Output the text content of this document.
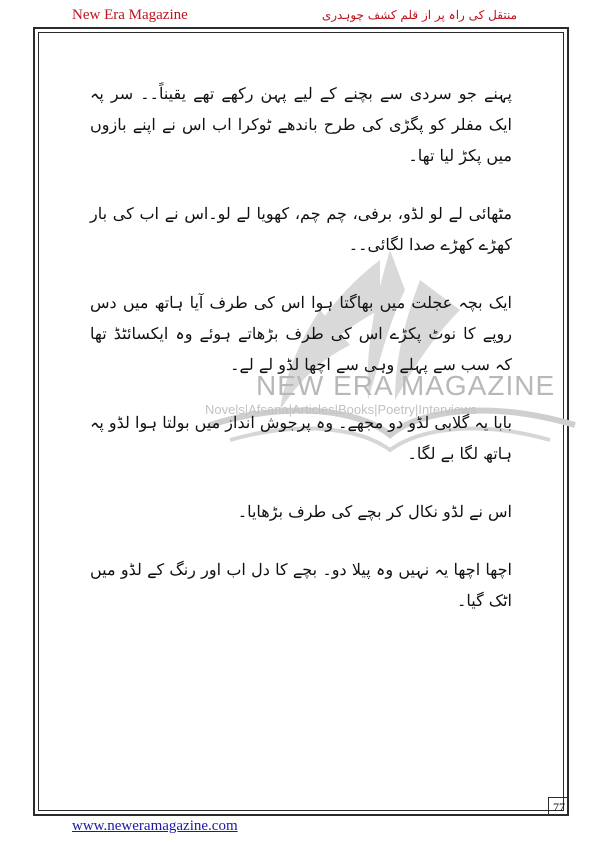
New Era Magazine	منتقل کی راہ پر از قلم کشف چوہدری
NEW ERA MAGAZINE
Novels|Afsana|Articles|Books|Poetry|Interviews

پہنے جو سردی سے بچنے کے لیے پہن رکھے تھے یقیناً۔۔ سر پہ ایک مفلر کو پگڑی کی طرح باندھے ٹوکرا اب اس نے اپنے بازوں میں پکڑ لیا تھا۔

مٹھائی لے لو لڈو، برفی، چم چم، کھویا لے لو۔اس نے اب کی بار کھڑے کھڑے صدا لگائی۔۔

ایک بچہ عجلت میں بھاگتا ہوا اس کی طرف آیا ہاتھ میں دس روپے کا نوٹ پکڑے اس کی طرف بڑھاتے ہوئے وہ ایکسائٹڈ تھا کہ سب سے پہلے وہی سے اچھا لڈو لے لے۔

بابا یہ گلابی لڈو دو مجھے۔ وہ پرجوش انداز میں بولتا ہوا لڈو پہ ہاتھ لگا بے لگا۔

اس نے لڈو نکال کر بچے کی طرف بڑھایا۔

اچھا اچھا یہ نہیں وہ پیلا دو۔ بچے کا دل اب اور رنگ کے لڈو میں اٹک گیا۔

77
www.neweramagazine.com
